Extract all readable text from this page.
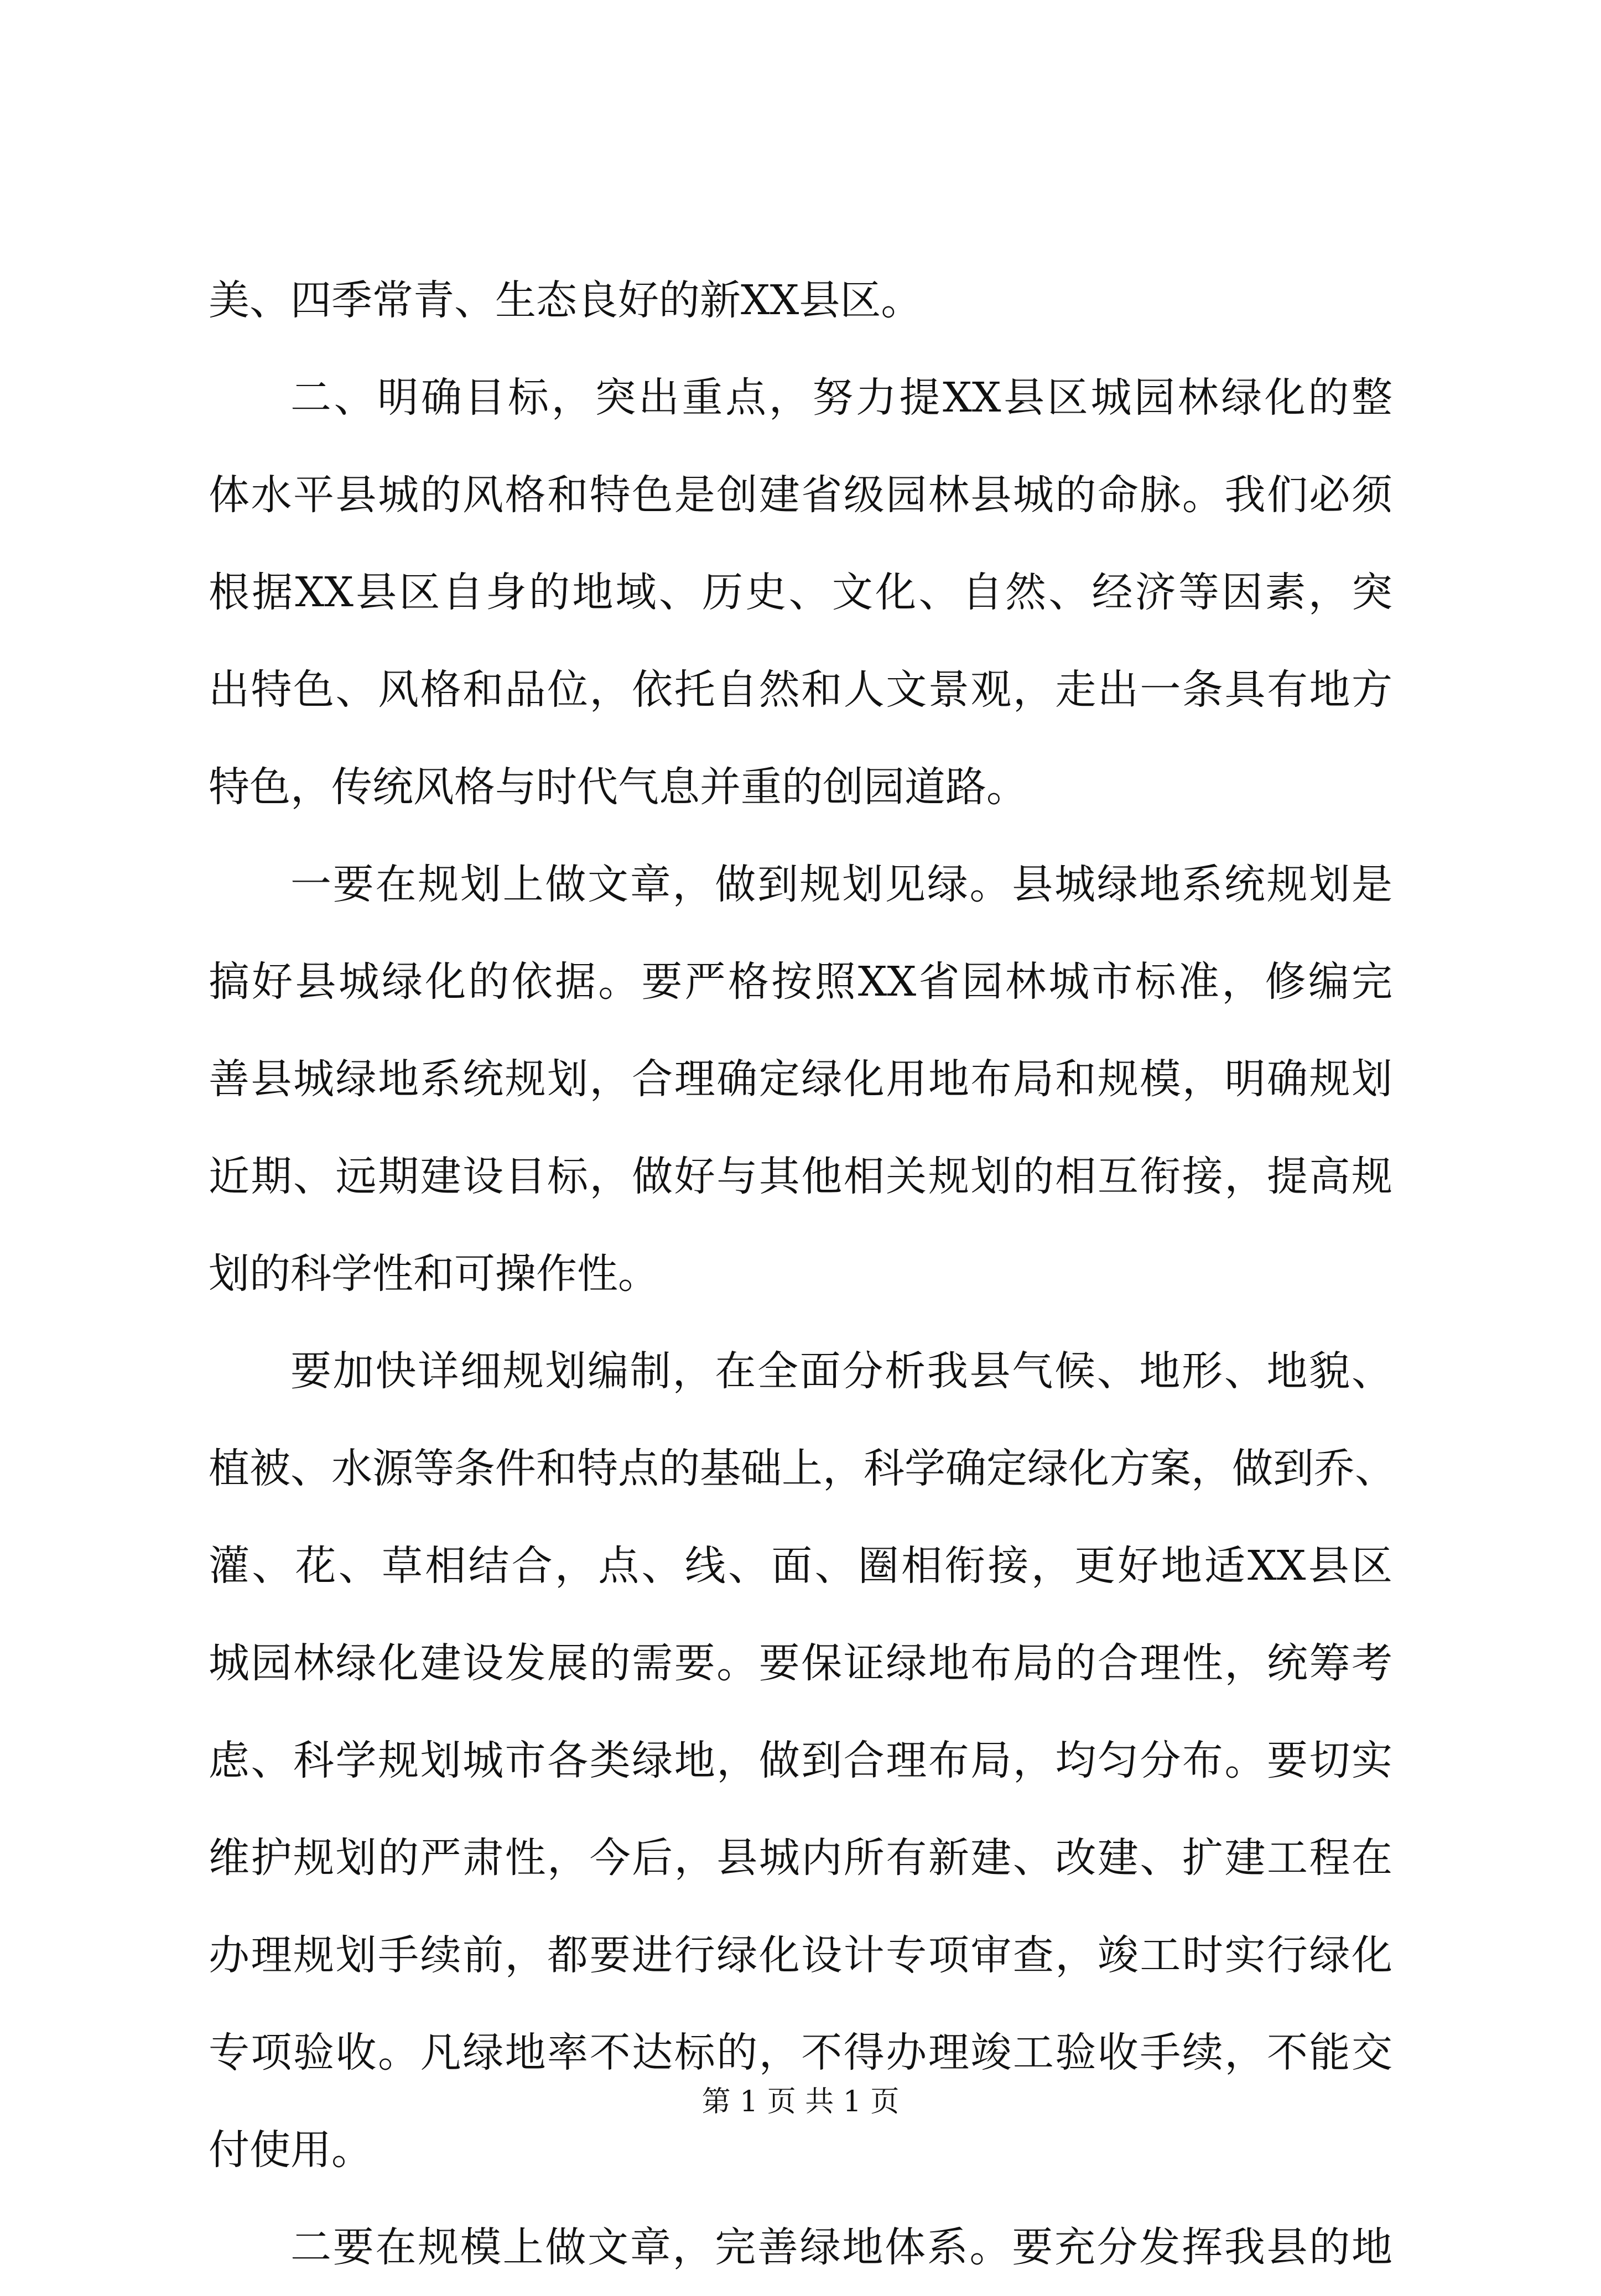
美、四季常青、生态良好的新XX县区。
二、明确目标，突出重点，努力提XX县区城园林绿化的整
体水平县城的风格和特色是创建省级园林县城的命脉。我们必须
根据XX县区自身的地域、历史、文化、自然、经济等因素，突
出特色、风格和品位，依托自然和人文景观，走出一条具有地方
特色，传统风格与时代气息并重的创园道路。
一要在规划上做文章，做到规划见绿。县城绿地系统规划是
搞好县城绿化的依据。要严格按照XX省园林城市标准，修编完
善县城绿地系统规划，合理确定绿化用地布局和规模，明确规划
近期、远期建设目标，做好与其他相关规划的相互衔接，提高规
划的科学性和可操作性。
要加快详细规划编制，在全面分析我县气候、地形、地貌、
植被、水源等条件和特点的基础上，科学确定绿化方案，做到乔、
灌、花、草相结合，点、线、面、圈相衔接，更好地适XX县区
城园林绿化建设发展的需要。要保证绿地布局的合理性，统筹考
虑、科学规划城市各类绿地，做到合理布局，均匀分布。要切实
维护规划的严肃性，今后，县城内所有新建、改建、扩建工程在
办理规划手续前，都要进行绿化设计专项审查，竣工时实行绿化
专项验收。凡绿地率不达标的，不得办理竣工验收手续，不能交
付使用。
二要在规模上做文章，完善绿地体系。要充分发挥我县的地
第 1 页 共 1 页
